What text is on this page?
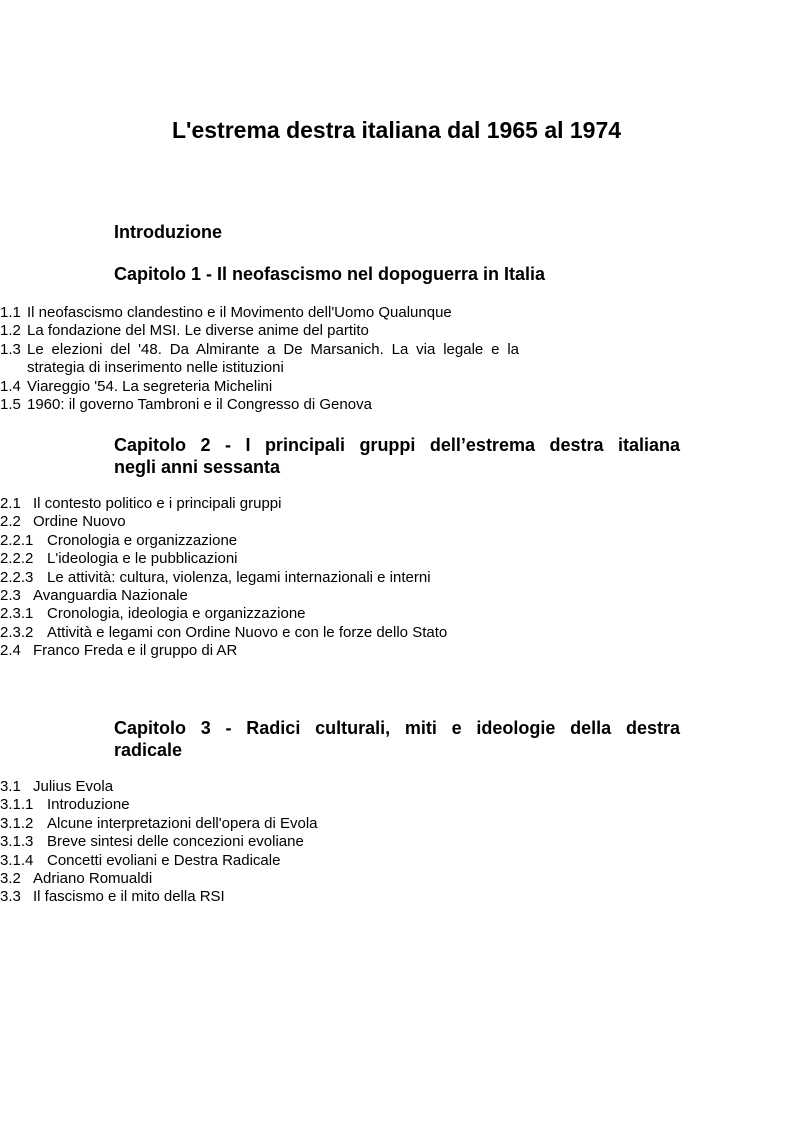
L'estrema destra italiana dal 1965 al 1974
Introduzione
Capitolo 1 - Il neofascismo nel dopoguerra in Italia
1.1 Il neofascismo clandestino e il Movimento dell'Uomo Qualunque
1.2 La fondazione del MSI. Le diverse anime del partito
1.3 Le elezioni del '48. Da Almirante a De Marsanich. La via legale e la strategia di inserimento nelle istituzioni
1.4 Viareggio '54. La segreteria Michelini
1.5 1960: il governo Tambroni e il Congresso di Genova
Capitolo 2 - I principali gruppi dell’estrema destra italiana
negli anni sessanta
2.1 Il contesto politico e i principali gruppi
2.2 Ordine Nuovo
2.2.1 Cronologia e organizzazione
2.2.2 L'ideologia e le pubblicazioni
2.2.3 Le attività: cultura, violenza, legami internazionali e interni
2.3 Avanguardia Nazionale
2.3.1 Cronologia, ideologia e organizzazione
2.3.2 Attività e legami con Ordine Nuovo e con le forze dello Stato
2.4 Franco Freda e il gruppo di AR
Capitolo 3 - Radici culturali, miti e ideologie della destra
radicale
3.1 Julius Evola
3.1.1 Introduzione
3.1.2 Alcune interpretazioni dell'opera di Evola
3.1.3 Breve sintesi delle concezioni evoliane
3.1.4 Concetti evoliani e Destra Radicale
3.2 Adriano Romualdi
3.3 Il fascismo e il mito della RSI
